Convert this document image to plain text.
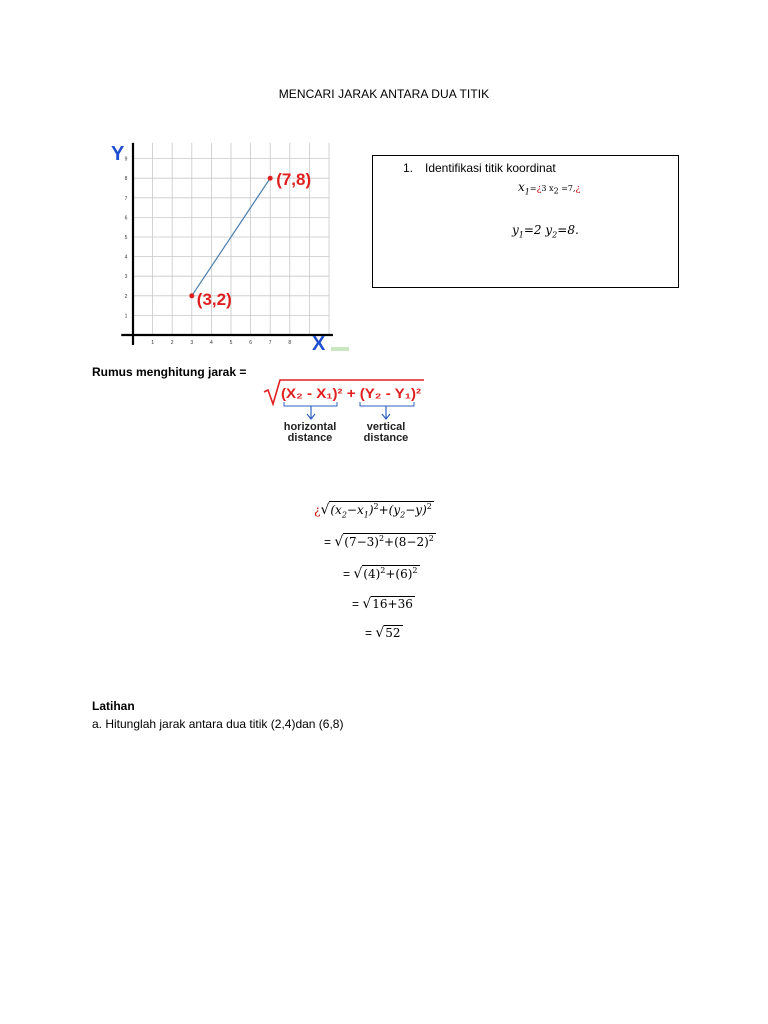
MENCARI JARAK ANTARA DUA TITIK
1	2	3	4	5	6	7	8
1
2
3
4
5
6
7
8
9
Y
X
(3,2)
(7,8)
1. Identifikasi titik koordinat
$x_1=¿3$ $x_2$ =7,¿
$y_1=2$ $y_2=8$.
Rumus menghitung jarak =
(X₂ - X₁)² + (Y₂ - Y₁)²
horizontal distance
vertical distance
¿$√(x_2-x_1)^2+(y_2-y)^2$
= $√(7-3)^2+(8-2)^2$
= $√(4)^2+(6)^2$
= √16+36
= √52
Latihan
a. Hitunglah jarak antara dua titik (2,4)dan (6,8)
